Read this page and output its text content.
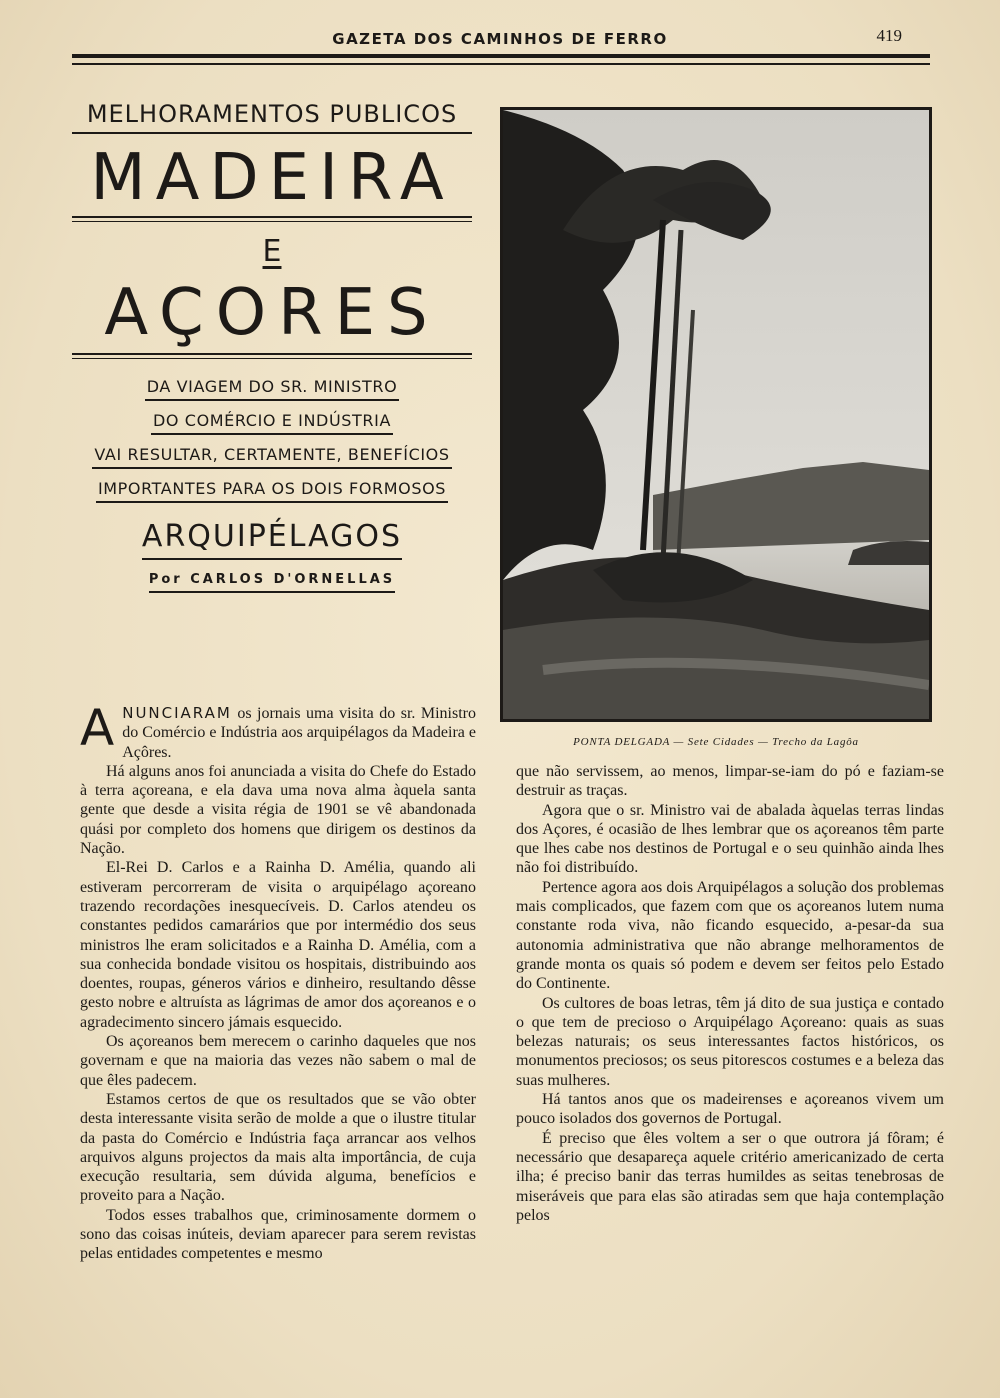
GAZETA DOS CAMINHOS DE FERRO	419

MELHORAMENTOS PUBLICOS

MADEIRA
E
AÇORES
DA VIAGEM DO SR. MINISTRO
DO COMÉRCIO E INDÚSTRIA
VAI RESULTAR, CERTAMENTE, BENEFÍCIOS
IMPORTANTES PARA OS DOIS FORMOSOS
ARQUIPÉLAGOS
Por CARLOS D'ORNELLAS
PONTA DELGADA — Sete Cidades — Trecho da Lagôa

ANUNCIARAM os jornais uma visita do sr. Ministro do Comércio e Indústria aos arquipélagos da Madeira e Açôres.

Há alguns anos foi anunciada a visita do Chefe do Estado à terra açoreana, e ela dava uma nova alma àquela santa gente que desde a visita régia de 1901 se vê abandonada quási por completo dos homens que dirigem os destinos da Nação.

El-Rei D. Carlos e a Rainha D. Amélia, quando ali estiveram percorreram de visita o arquipélago açoreano trazendo recordações inesquecíveis. D. Carlos atendeu os constantes pedidos camarários que por intermédio dos seus ministros lhe eram solicitados e a Rainha D. Amélia, com a sua conhecida bondade visitou os hospitais, distribuindo aos doentes, roupas, géneros vários e dinheiro, resultando dêsse gesto nobre e altruísta as lágrimas de amor dos açoreanos e o agradecimento sincero jámais esquecido.

Os açoreanos bem merecem o carinho daqueles que nos governam e que na maioria das vezes não sabem o mal de que êles padecem.

Estamos certos de que os resultados que se vão obter desta interessante visita serão de molde a que o ilustre titular da pasta do Comércio e Indústria faça arrancar aos velhos arquivos alguns projectos da mais alta importância, de cuja execução resultaria, sem dúvida alguma, benefícios e proveito para a Nação.

Todos esses trabalhos que, criminosamente dormem o sono das coisas inúteis, deviam aparecer para serem revistas pelas entidades competentes e mesmo

que não servissem, ao menos, limpar-se-iam do pó e faziam-se destruir as traças.

Agora que o sr. Ministro vai de abalada àquelas terras lindas dos Açores, é ocasião de lhes lembrar que os açoreanos têm parte que lhes cabe nos destinos de Portugal e o seu quinhão ainda lhes não foi distribuído.

Pertence agora aos dois Arquipélagos a solução dos problemas mais complicados, que fazem com que os açoreanos lutem numa constante roda viva, não ficando esquecido, a-pesar-da sua autonomia administrativa que não abrange melhoramentos de grande monta os quais só podem e devem ser feitos pelo Estado do Continente.

Os cultores de boas letras, têm já dito de sua justiça e contado o que tem de precioso o Arquipélago Açoreano: quais as suas belezas naturais; os seus interessantes factos históricos, os monumentos preciosos; os seus pitorescos costumes e a beleza das suas mulheres.

Há tantos anos que os madeirenses e açoreanos vivem um pouco isolados dos governos de Portugal.

É preciso que êles voltem a ser o que outrora já fôram; é necessário que desapareça aquele critério americanizado de certa ilha; é preciso banir das terras humildes as seitas tenebrosas de miseráveis que para elas são atiradas sem que haja contemplação pelos
